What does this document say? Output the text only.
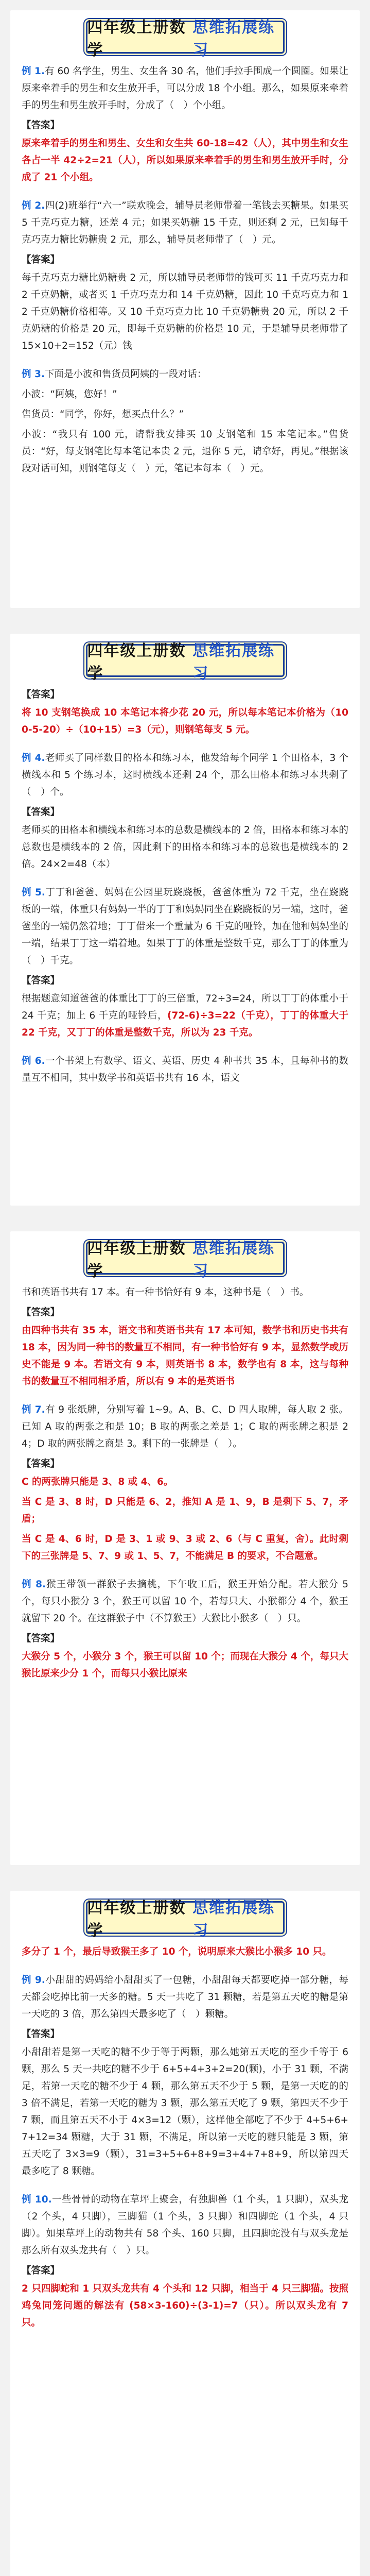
四年级上册数学
思维拓展练习

例 1.有 60 名学生，男生、女生各 30 名，他们手拉手围成一个圆圈。如果让原来牵着手的男生和女生放开手，可以分成 18 个小组。那么，如果原来牵着手的男生和男生放开手时，分成了（　）个小组。

【答案】

原来牵着手的男生和男生、女生和女生共 60-18=42（人），其中男生和女生各占一半 42÷2=21（人），所以如果原来牵着手的男生和男生放开手时，分成了 21 个小组。

例 2.四(2)班举行“六一”联欢晚会，辅导员老师带着一笔钱去买糖果。如果买 5 千克巧克力糖，还差 4 元；如果买奶糖 15 千克，则还剩 2 元，已知每千克巧克力糖比奶糖贵 2 元，那么，辅导员老师带了（　）元。

【答案】

每千克巧克力糖比奶糖贵 2 元，所以辅导员老师带的钱可买 11 千克巧克力和 2 千克奶糖，或者买 1 千克巧克力和 14 千克奶糖，因此 10 千克巧克力和 12 千克奶糖价格相等。又 10 千克巧克力比 10 千克奶糖贵 20 元，所以 2 千克奶糖的价格是 20 元，即每千克奶糖的价格是 10 元，于是辅导员老师带了 15×10+2=152（元）钱

例 3.下面是小波和售货员阿姨的一段对话：

小波：“阿姨，您好！”

售货员：“同学，你好，想买点什么？”

小波：“我只有 100 元，请帮我安排买 10 支钢笔和 15 本笔记本。”售货员：“好，每支钢笔比每本笔记本贵 2 元，退你 5 元，请拿好，再见。”根据该段对话可知，则钢笔每支（　）元，笔记本每本（　）元。

四年级上册数学
思维拓展练习
【答案】

将 10 支钢笔换成 10 本笔记本将少花 20 元，所以每本笔记本价格为（100-5-20）÷（10+15）=3（元），则钢笔每支 5 元。

例 4.老师买了同样数目的格本和练习本，他发给每个同学 1 个田格本，3 个横线本和 5 个练习本，这时横线本还剩 24 个，那么田格本和练习本共剩了（　）个。

【答案】

老师买的田格本和横线本和练习本的总数是横线本的 2 倍，田格本和练习本的总数也是横线本的 2 倍，因此剩下的田格本和练习本的总数也是横线本的 2 倍。24×2=48（本）

例 5.丁丁和爸爸、妈妈在公园里玩跷跷板，爸爸体重为 72 千克，坐在跷跷板的一端，体重只有妈妈一半的丁丁和妈妈同坐在跷跷板的另一端，这时，爸爸坐的一端仍然着地；丁丁借来一个重量为 6 千克的哑铃，加在他和妈妈坐的一端，结果丁丁这一端着地。如果丁丁的体重是整数千克，那么丁丁的体重为（　）千克。

【答案】

根据题意知道爸爸的体重比丁丁的三倍重，72÷3=24，所以丁丁的体重小于 24 千克；加上 6 千克的哑铃后，(72-6)÷3=22（千克），丁丁的体重大于 22 千克，又丁丁的体重是整数千克，所以为 23 千克。

例 6.一个书架上有数学、语文、英语、历史 4 种书共 35 本，且每种书的数量互不相同，其中数学书和英语书共有 16 本，语文

四年级上册数学
思维拓展练习

书和英语书共有 17 本。有一种书恰好有 9 本，这种书是（　）书。

【答案】

由四种书共有 35 本，语文书和英语书共有 17 本可知，数学书和历史书共有 18 本，因为同一种书的数量互不相同，有一种书恰好有 9 本，显然数学或历史不能是 9 本。若语文有 9 本，则英语书 8 本，数学也有 8 本，这与每种书的数量互不相同相矛盾，所以有 9 本的是英语书

例 7.有 9 张纸牌，分别写着 1~9。A、B、C、D 四人取牌，每人取 2 张。已知 A 取的两张之和是 10；B 取的两张之差是 1；C 取的两张牌之积是 24；D 取的两张牌之商是 3。剩下的一张牌是（　）。

【答案】

C 的两张牌只能是 3、8 或 4、6。

当 C 是 3、8 时，D 只能是 6、2，推知 A 是 1、9，B 是剩下 5、7，矛盾；

当 C 是 4、6 时，D 是 3、1 或 9、3 或 2、6（与 C 重复，舍）。此时剩下的三张牌是 5、7、9 或 1、5、7，不能满足 B 的要求，不合题意。

例 8.猴王带领一群猴子去摘桃，下午收工后，猴王开始分配。若大猴分 5 个，每只小猴分 3 个，猴王可以留 10 个，若每只大、小猴都分 4 个，猴王就留下 20 个。在这群猴子中（不算猴王）大猴比小猴多（　）只。

【答案】

大猴分 5 个，小猴分 3 个，猴王可以留 10 个；而现在大猴分 4 个，每只大猴比原来少分 1 个，而每只小猴比原来

四年级上册数学
思维拓展练习

多分了 1 个，最后导致猴王多了 10 个，说明原来大猴比小猴多 10 只。

例 9.小甜甜的妈妈给小甜甜买了一包糖，小甜甜每天都要吃掉一部分糖，每天都会吃掉比前一天多的糖。5 天一共吃了 31 颗糖，若是第五天吃的糖是第一天吃的 3 倍，那么第四天最多吃了（　）颗糖。

【答案】

小甜甜若是第一天吃的糖不少于等于两颗，那么她第五天吃的至少千等于 6 颗，那么 5 天一共吃的糖不少于 6+5+4+3+2=20(颗)，小于 31 颗，不满足，若第一天吃的糖不少于 4 颗，那么第五天不少于 5 颗，是第一天吃的的 3 倍不满足，若第一天吃的糖为 3 颗，那么第五天吃了 9 颗，第四天不少于 7 颗，而且第五天不小于 4×3=12（颗），这样他全部吃了不少于 4+5+6+7+12=34 颗糖，大于 31 颗，不满足，所以第一天吃的糖只能是 3 颗，第五天吃了 3×3=9（颗），31=3+5+6+8+9=3+4+7+8+9，所以第四天最多吃了 8 颗糖。

例 10.一些骨骨的动物在草坪上聚会，有独脚兽（1 个头，1 只脚），双头龙（2 个头，4 只脚），三脚猫（1 个头，3 只脚）和四脚蛇（1 个头，4 只脚）。如果草坪上的动物共有 58 个头、160 只脚，且四脚蛇没有与双头龙是那么所有双头龙共有（　）只。

【答案】

2 只四脚蛇和 1 只双头龙共有 4 个头和 12 只脚，相当于 4 只三脚猫。按照鸡兔同笼问题的解法有 (58×3-160)÷(3-1)=7（只）。所以双头龙有 7 只。
